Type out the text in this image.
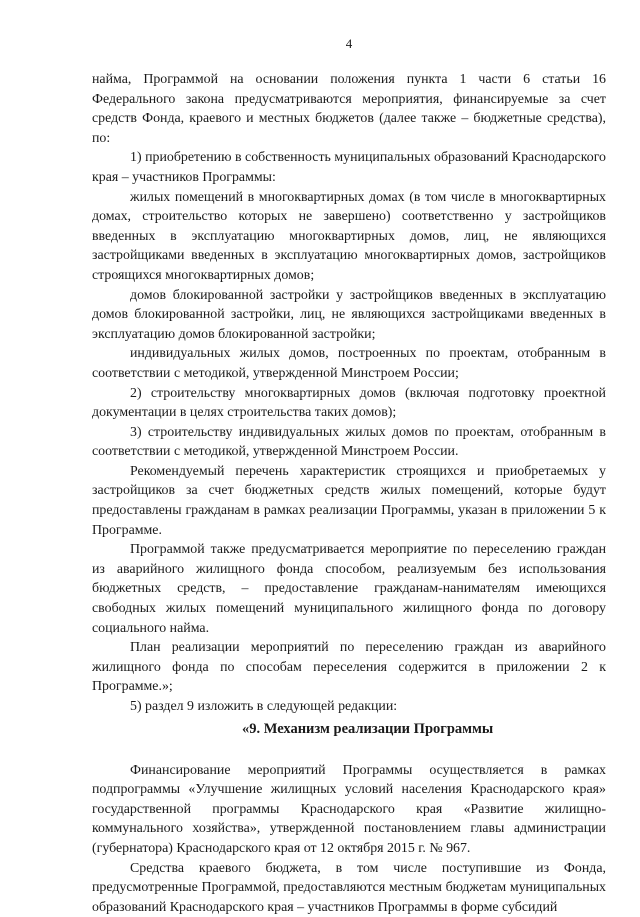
4

найма, Программой на основании положения пункта 1 части 6 статьи 16 Федерального закона предусматриваются мероприятия, финансируемые за счет средств Фонда, краевого и местных бюджетов (далее также – бюджетные средства), по:

1) приобретению в собственность муниципальных образований Краснодарского края – участников Программы:

жилых помещений в многоквартирных домах (в том числе в многоквартирных домах, строительство которых не завершено) соответственно у застройщиков введенных в эксплуатацию многоквартирных домов, лиц, не являющихся застройщиками введенных в эксплуатацию многоквартирных домов, застройщиков строящихся многоквартирных домов;

домов блокированной застройки у застройщиков введенных в эксплуатацию домов блокированной застройки, лиц, не являющихся застройщиками введенных в эксплуатацию домов блокированной застройки;

индивидуальных жилых домов, построенных по проектам, отобранным в соответствии с методикой, утвержденной Минстроем России;

2) строительству многоквартирных домов (включая подготовку проектной документации в целях строительства таких домов);

3) строительству индивидуальных жилых домов по проектам, отобранным в соответствии с методикой, утвержденной Минстроем России.

Рекомендуемый перечень характеристик строящихся и приобретаемых у застройщиков за счет бюджетных средств жилых помещений, которые будут предоставлены гражданам в рамках реализации Программы, указан в приложении 5 к Программе.

Программой также предусматривается мероприятие по переселению граждан из аварийного жилищного фонда способом, реализуемым без использования бюджетных средств, – предоставление гражданам-нанимателям имеющихся свободных жилых помещений муниципального жилищного фонда по договору социального найма.

План реализации мероприятий по переселению граждан из аварийного жилищного фонда по способам переселения содержится в приложении 2 к Программе.»;

5) раздел 9 изложить в следующей редакции:

«9. Механизм реализации Программы

Финансирование мероприятий Программы осуществляется в рамках подпрограммы «Улучшение жилищных условий населения Краснодарского края» государственной программы Краснодарского края «Развитие жилищно-коммунального хозяйства», утвержденной постановлением главы администрации (губернатора) Краснодарского края от 12 октября 2015 г. № 967.

Средства краевого бюджета, в том числе поступившие из Фонда, предусмотренные Программой, предоставляются местным бюджетам муниципальных образований Краснодарского края – участников Программы в форме субсидий
